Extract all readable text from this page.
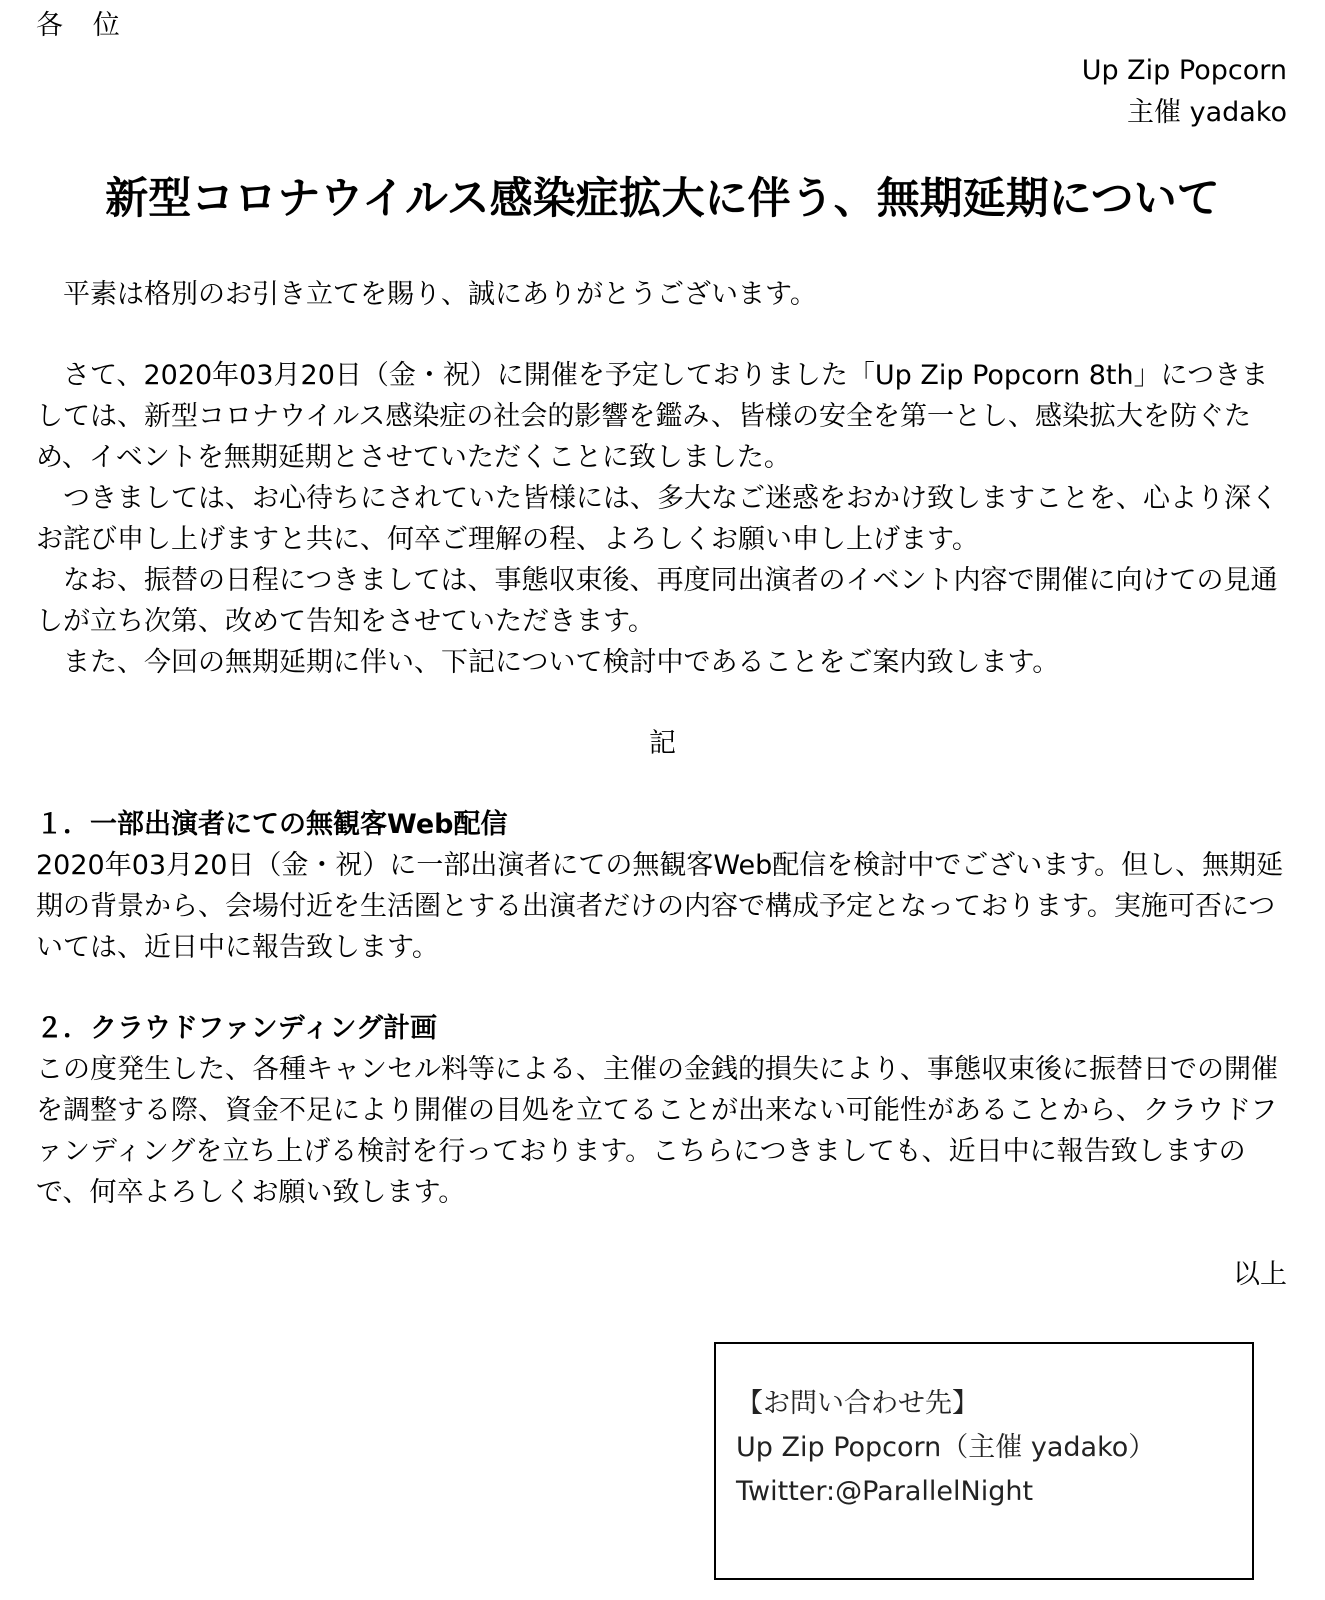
各　位
Up Zip Popcorn
主催 yadako
新型コロナウイルス感染症拡大に伴う、無期延期について

平素は格別のお引き立てを賜り、誠にありがとうございます。

さて、2020年03月20日（金・祝）に開催を予定しておりました「Up Zip Popcorn 8th」につきましては、新型コロナウイルス感染症の社会的影響を鑑み、皆様の安全を第一とし、感染拡大を防ぐため、イベントを無期延期とさせていただくことに致しました。

つきましては、お心待ちにされていた皆様には、多大なご迷惑をおかけ致しますことを、心より深くお詫び申し上げますと共に、何卒ご理解の程、よろしくお願い申し上げます。

なお、振替の日程につきましては、事態収束後、再度同出演者のイベント内容で開催に向けての見通しが立ち次第、改めて告知をさせていただきます。

また、今回の無期延期に伴い、下記について検討中であることをご案内致します。

記
１．一部出演者にての無観客Web配信
2020年03月20日（金・祝）に一部出演者にての無観客Web配信を検討中でございます。但し、無期延期の背景から、会場付近を生活圏とする出演者だけの内容で構成予定となっております。実施可否については、近日中に報告致します。
２．クラウドファンディング計画
この度発生した、各種キャンセル料等による、主催の金銭的損失により、事態収束後に振替日での開催を調整する際、資金不足により開催の目処を立てることが出来ない可能性があることから、クラウドファンディングを立ち上げる検討を行っております。こちらにつきましても、近日中に報告致しますので、何卒よろしくお願い致します。
以上
【お問い合わせ先】
Up Zip Popcorn（主催 yadako）
Twitter:@ParallelNight
